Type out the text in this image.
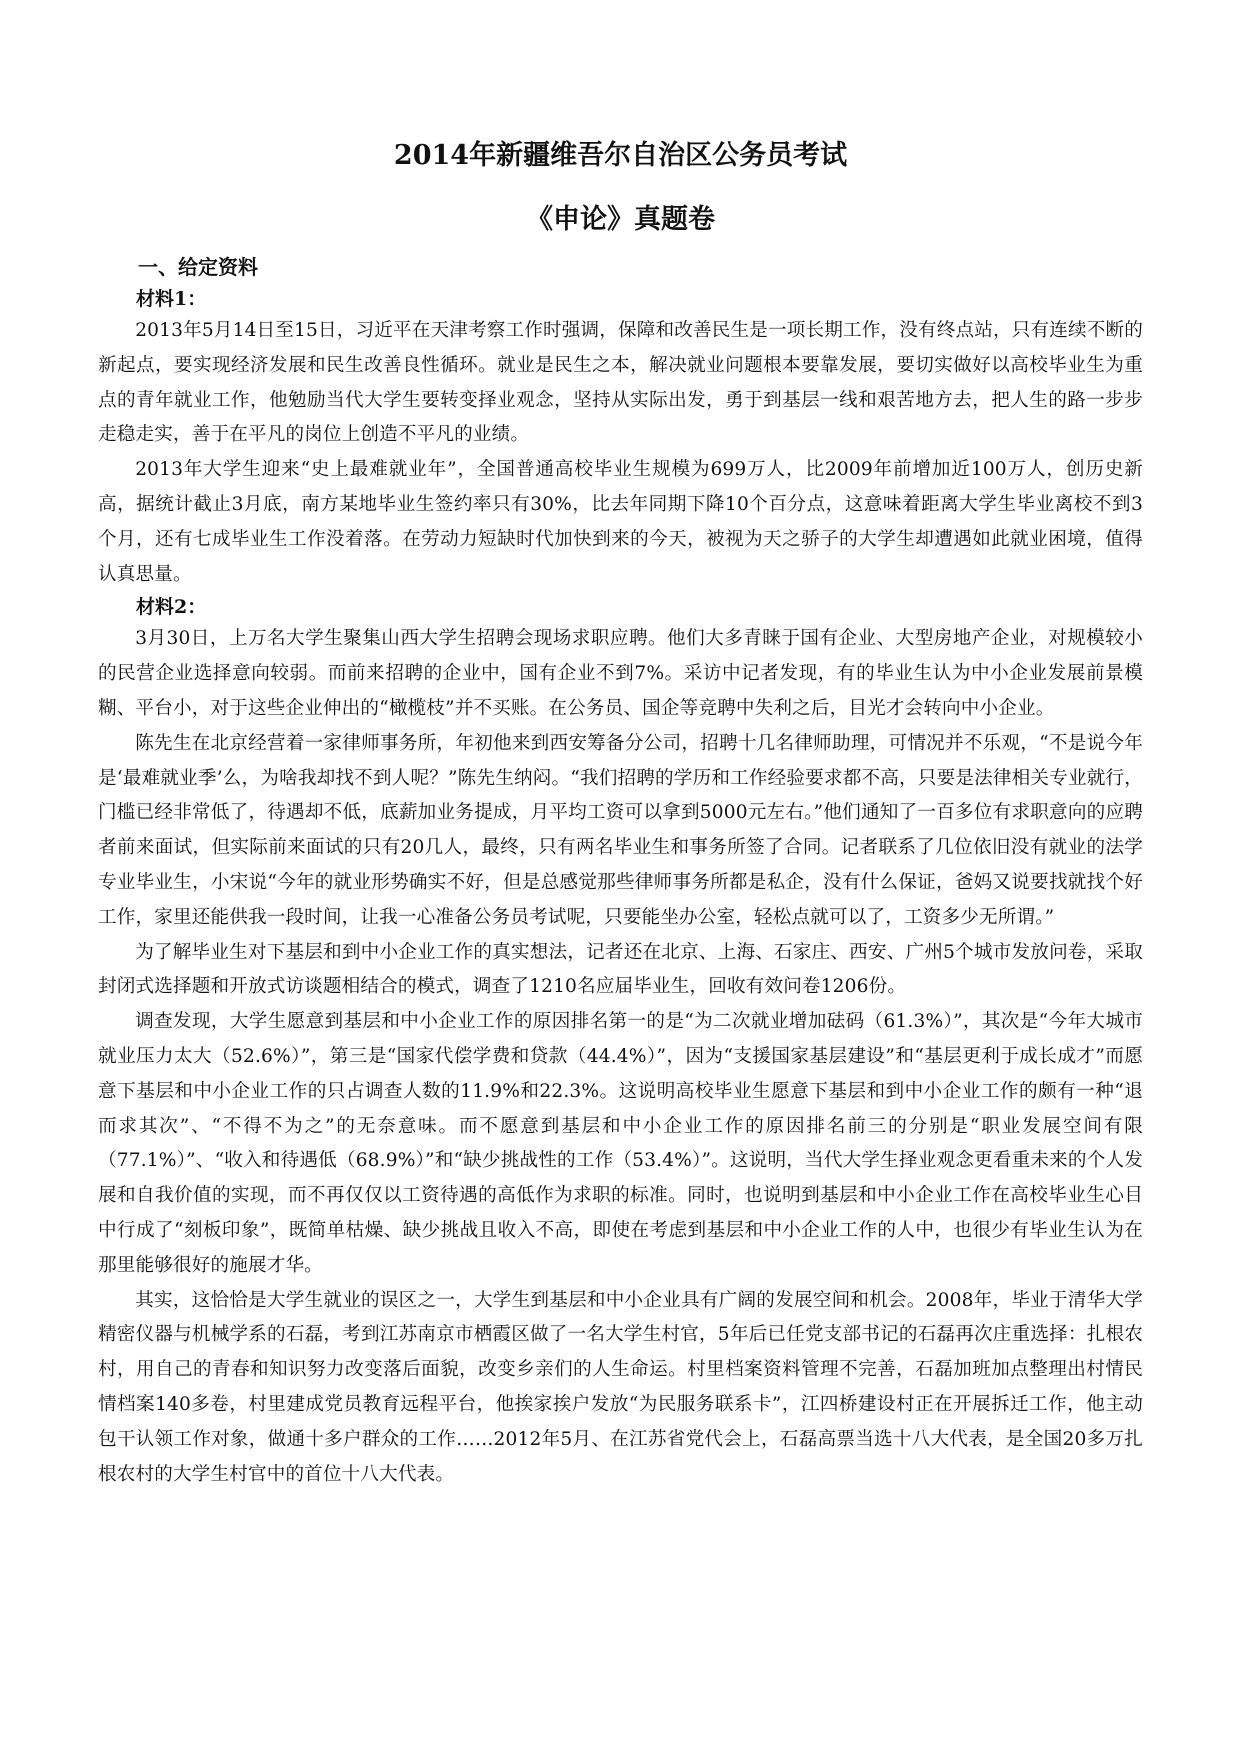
2014年新疆维吾尔自治区公务员考试
《申论》真题卷
一、给定资料
材料1：

2013年5月14日至15日，习近平在天津考察工作时强调，保障和改善民生是一项长期工作，没有终点站，只有连续不断的新起点，要实现经济发展和民生改善良性循环。就业是民生之本，解决就业问题根本要靠发展，要切实做好以高校毕业生为重点的青年就业工作，他勉励当代大学生要转变择业观念，坚持从实际出发，勇于到基层一线和艰苦地方去，把人生的路一步步走稳走实，善于在平凡的岗位上创造不平凡的业绩。

2013年大学生迎来“史上最难就业年”，全国普通高校毕业生规模为699万人，比2009年前增加近100万人，创历史新高，据统计截止3月底，南方某地毕业生签约率只有30%，比去年同期下降10个百分点，这意味着距离大学生毕业离校不到3个月，还有七成毕业生工作没着落。在劳动力短缺时代加快到来的今天，被视为天之骄子的大学生却遭遇如此就业困境，值得认真思量。

材料2：

3月30日，上万名大学生聚集山西大学生招聘会现场求职应聘。他们大多青睐于国有企业、大型房地产企业，对规模较小的民营企业选择意向较弱。而前来招聘的企业中，国有企业不到7%。采访中记者发现，有的毕业生认为中小企业发展前景模糊、平台小，对于这些企业伸出的“橄榄枝”并不买账。在公务员、国企等竞聘中失利之后，目光才会转向中小企业。

陈先生在北京经营着一家律师事务所，年初他来到西安筹备分公司，招聘十几名律师助理，可情况并不乐观，“不是说今年是‘最难就业季’么，为啥我却找不到人呢？”陈先生纳闷。“我们招聘的学历和工作经验要求都不高，只要是法律相关专业就行，门槛已经非常低了，待遇却不低，底薪加业务提成，月平均工资可以拿到5000元左右。”他们通知了一百多位有求职意向的应聘者前来面试，但实际前来面试的只有20几人，最终，只有两名毕业生和事务所签了合同。记者联系了几位依旧没有就业的法学专业毕业生，小宋说“今年的就业形势确实不好，但是总感觉那些律师事务所都是私企，没有什么保证，爸妈又说要找就找个好工作，家里还能供我一段时间，让我一心准备公务员考试呢，只要能坐办公室，轻松点就可以了，工资多少无所谓。”

为了解毕业生对下基层和到中小企业工作的真实想法，记者还在北京、上海、石家庄、西安、广州5个城市发放问卷，采取封闭式选择题和开放式访谈题相结合的模式，调查了1210名应届毕业生，回收有效问卷1206份。

调查发现，大学生愿意到基层和中小企业工作的原因排名第一的是“为二次就业增加砝码（61.3%）”，其次是“今年大城市就业压力太大（52.6%）”，第三是“国家代偿学费和贷款（44.4%）”，因为“支援国家基层建设”和“基层更利于成长成才”而愿意下基层和中小企业工作的只占调查人数的11.9%和22.3%。这说明高校毕业生愿意下基层和到中小企业工作的颇有一种“退而求其次”、“不得不为之”的无奈意味。而不愿意到基层和中小企业工作的原因排名前三的分别是“职业发展空间有限（77.1%）”、“收入和待遇低（68.9%）”和“缺少挑战性的工作（53.4%）”。这说明，当代大学生择业观念更看重未来的个人发展和自我价值的实现，而不再仅仅以工资待遇的高低作为求职的标准。同时，也说明到基层和中小企业工作在高校毕业生心目中行成了“刻板印象”，既简单枯燥、缺少挑战且收入不高，即使在考虑到基层和中小企业工作的人中，也很少有毕业生认为在那里能够很好的施展才华。

其实，这恰恰是大学生就业的误区之一，大学生到基层和中小企业具有广阔的发展空间和机会。2008年，毕业于清华大学精密仪器与机械学系的石磊，考到江苏南京市栖霞区做了一名大学生村官，5年后已任党支部书记的石磊再次庄重选择：扎根农村，用自己的青春和知识努力改变落后面貌，改变乡亲们的人生命运。村里档案资料管理不完善，石磊加班加点整理出村情民情档案140多卷，村里建成党员教育远程平台，他挨家挨户发放“为民服务联系卡”，江四桥建设村正在开展拆迁工作，他主动包干认领工作对象，做通十多户群众的工作……2012年5月、在江苏省党代会上，石磊高票当选十八大代表，是全国20多万扎根农村的大学生村官中的首位十八大代表。
